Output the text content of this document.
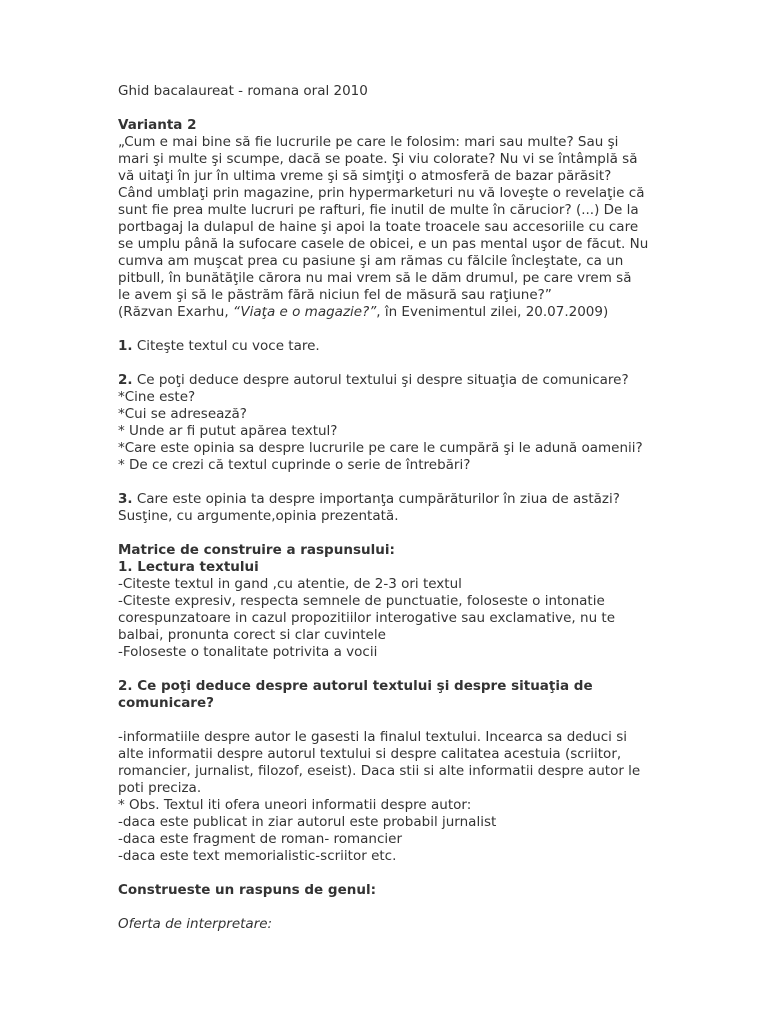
Ghid bacalaureat - romana oral 2010
Varianta 2
„Cum e mai bine să fie lucrurile pe care le folosim: mari sau multe? Sau şi
mari şi multe şi scumpe, dacă se poate. Şi viu colorate? Nu vi se întâmplă să
vă uitaţi în jur în ultima vreme şi să simţiţi o atmosferă de bazar părăsit?
Când umblaţi prin magazine, prin hypermarketuri nu vă loveşte o revelaţie că
sunt fie prea multe lucruri pe rafturi, fie inutil de multe în cărucior? (...) De la
portbagaj la dulapul de haine şi apoi la toate troacele sau accesoriile cu care
se umplu până la sufocare casele de obicei, e un pas mental uşor de făcut. Nu
cumva am muşcat prea cu pasiune şi am rămas cu fălcile încleştate, ca un
pitbull, în bunătăţile cărora nu mai vrem să le dăm drumul, pe care vrem să
le avem şi să le păstrăm fără niciun fel de măsură sau raţiune?”
(Răzvan Exarhu, “Viaţa e o magazie?”, în Evenimentul zilei, 20.07.2009)
1. Citeşte textul cu voce tare.
2. Ce poţi deduce despre autorul textului şi despre situaţia de comunicare?
*Cine este?
*Cui se adresează?
* Unde ar fi putut apărea textul?
*Care este opinia sa despre lucrurile pe care le cumpără şi le adună oamenii?
* De ce crezi că textul cuprinde o serie de întrebări?
3. Care este opinia ta despre importanţa cumpărăturilor în ziua de astăzi?
Susţine, cu argumente,opinia prezentată.
Matrice de construire a raspunsului:
1. Lectura textului
-Citeste textul in gand ,cu atentie, de 2-3 ori textul
-Citeste expresiv, respecta semnele de punctuatie, foloseste o intonatie
corespunzatoare in cazul propozitiilor interogative sau exclamative, nu te
balbai, pronunta corect si clar cuvintele
-Foloseste o tonalitate potrivita a vocii
2. Ce poţi deduce despre autorul textului şi despre situaţia de
comunicare?
-informatiile despre autor le gasesti la finalul textului. Incearca sa deduci si
alte informatii despre autorul textului si despre calitatea acestuia (scriitor,
romancier, jurnalist, filozof, eseist). Daca stii si alte informatii despre autor le
poti preciza.
* Obs. Textul iti ofera uneori informatii despre autor:
-daca este publicat in ziar autorul este probabil jurnalist
-daca este fragment de roman- romancier
-daca este text memorialistic-scriitor etc.
Construeste un raspuns de genul:
Oferta de interpretare:
